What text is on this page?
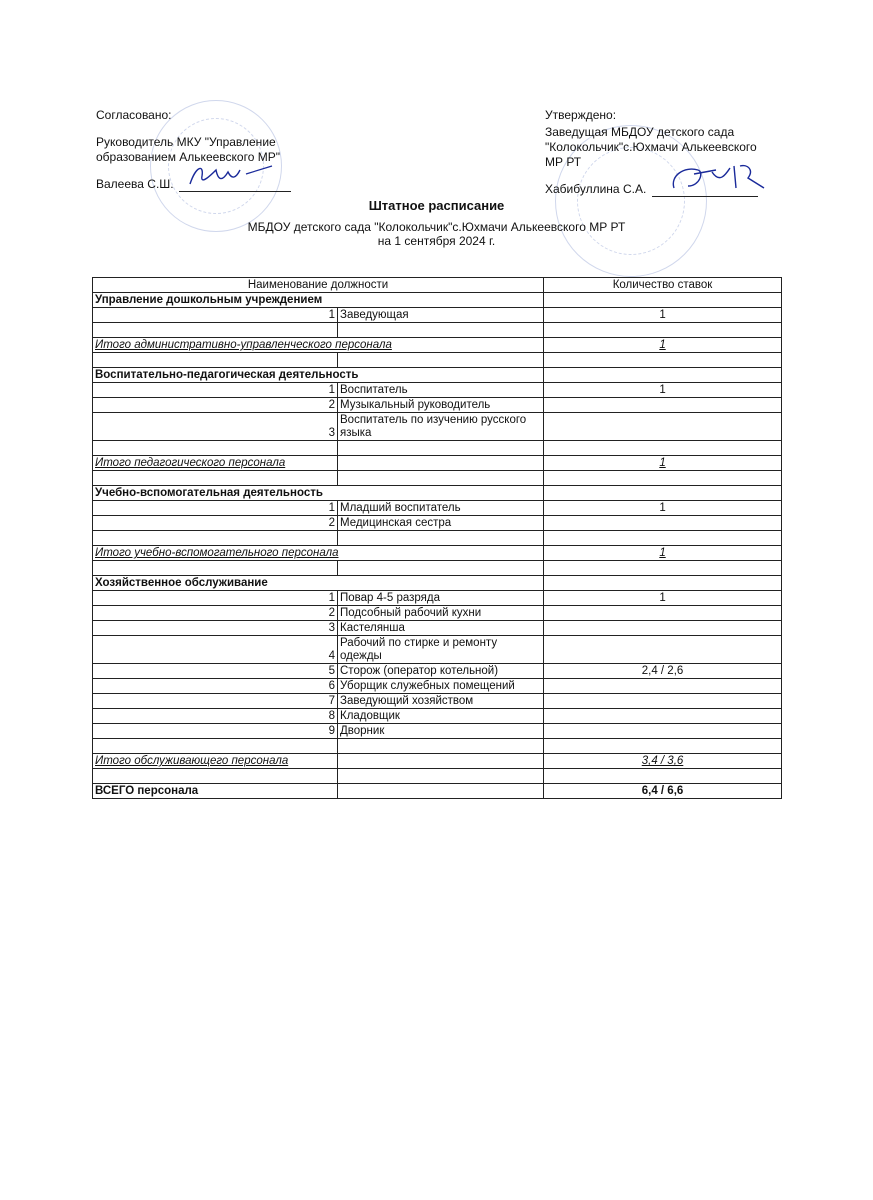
Согласовано:
Руководитель МКУ "Управление
образованием Алькеевского МР"
Валеева С.Ш.
Утверждено:
Заведущая МБДОУ детского сада
"Колокольчик"с.Юхмачи Алькеевского
МР РТ
Хабибуллина С.А.
Штатное расписание
МБДОУ детского сада "Колокольчик"с.Юхмачи Алькеевского МР РТ
на 1 сентября 2024 г.
Наименование должности		Количество ставок
Управление дошкольным учреждением		
1	Заведующая	1

Итого административно-управленческого персонала		1

Воспитательно-педагогическая деятельность		
1	Воспитатель	1
2	Музыкальный руководитель	
3	Воспитатель по изучению русского
языка	

Итого педагогического персонала		1

Учебно-вспомогательная деятельность		
1	Младший воспитатель	1
2	Медицинская сестра	

Итого учебно-вспомогательного персонала		1

Хозяйственное обслуживание		
1	Повар 4-5 разряда	1
2	Подсобный рабочий кухни	
3	Кастелянша	
4	Рабочий по стирке и ремонту
одежды	

5	Сторож (оператор котельной)	2,4 / 2,6
6	Уборщик служебных помещений	
7	Заведующий хозяйством	
8	Кладовщик	
9	Дворник	

Итого обслуживающего персонала		3,4 / 3,6

ВСЕГО персонала		6,4 / 6,6
